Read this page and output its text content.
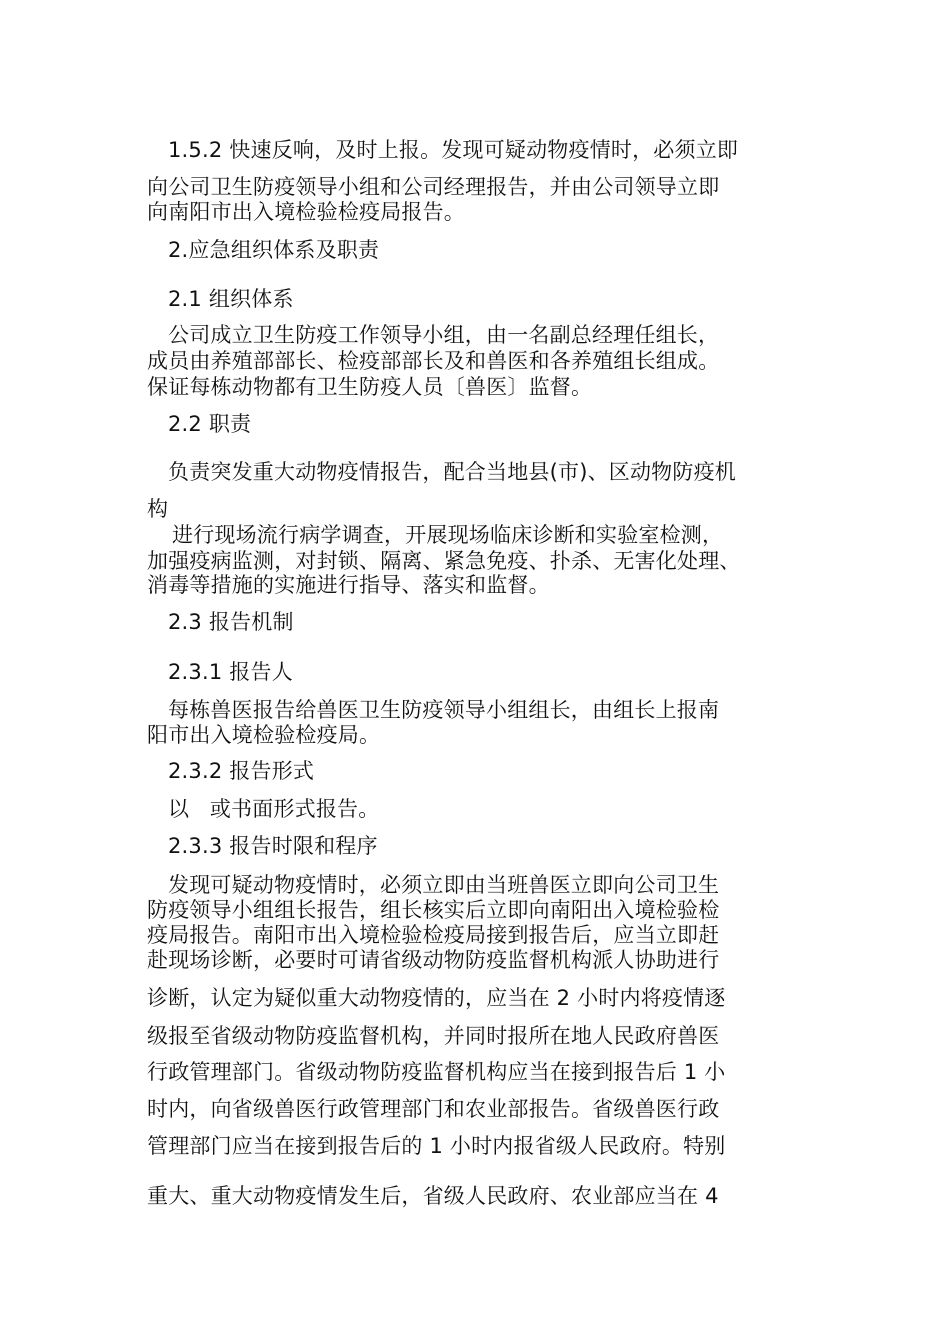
1.5.2 快速反响，及时上报。发现可疑动物疫情时，必须立即
向公司卫生防疫领导小组和公司经理报告，并由公司领导立即
向南阳市出入境检验检疫局报告。
2.应急组织体系及职责
2.1 组织体系
公司成立卫生防疫工作领导小组，由一名副总经理任组长，
成员由养殖部部长、检疫部部长及和兽医和各养殖组长组成。
保证每栋动物都有卫生防疫人员〔兽医〕监督。
2.2 职责
负责突发重大动物疫情报告，配合当地县(市)、区动物防疫机
构
进行现场流行病学调查，开展现场临床诊断和实验室检测，
加强疫病监测，对封锁、隔离、紧急免疫、扑杀、无害化处理、
消毒等措施的实施进行指导、落实和监督。
2.3 报告机制
2.3.1 报告人
每栋兽医报告给兽医卫生防疫领导小组组长，由组长上报南
阳市出入境检验检疫局。
2.3.2 报告形式
以   或书面形式报告。
2.3.3 报告时限和程序
发现可疑动物疫情时，必须立即由当班兽医立即向公司卫生
防疫领导小组组长报告，组长核实后立即向南阳出入境检验检
疫局报告。南阳市出入境检验检疫局接到报告后，应当立即赶
赴现场诊断，必要时可请省级动物防疫监督机构派人协助进行
诊断，认定为疑似重大动物疫情的，应当在 2 小时内将疫情逐
级报至省级动物防疫监督机构，并同时报所在地人民政府兽医
行政管理部门。省级动物防疫监督机构应当在接到报告后 1 小
时内，向省级兽医行政管理部门和农业部报告。省级兽医行政
管理部门应当在接到报告后的 1 小时内报省级人民政府。特别
重大、重大动物疫情发生后，省级人民政府、农业部应当在 4
